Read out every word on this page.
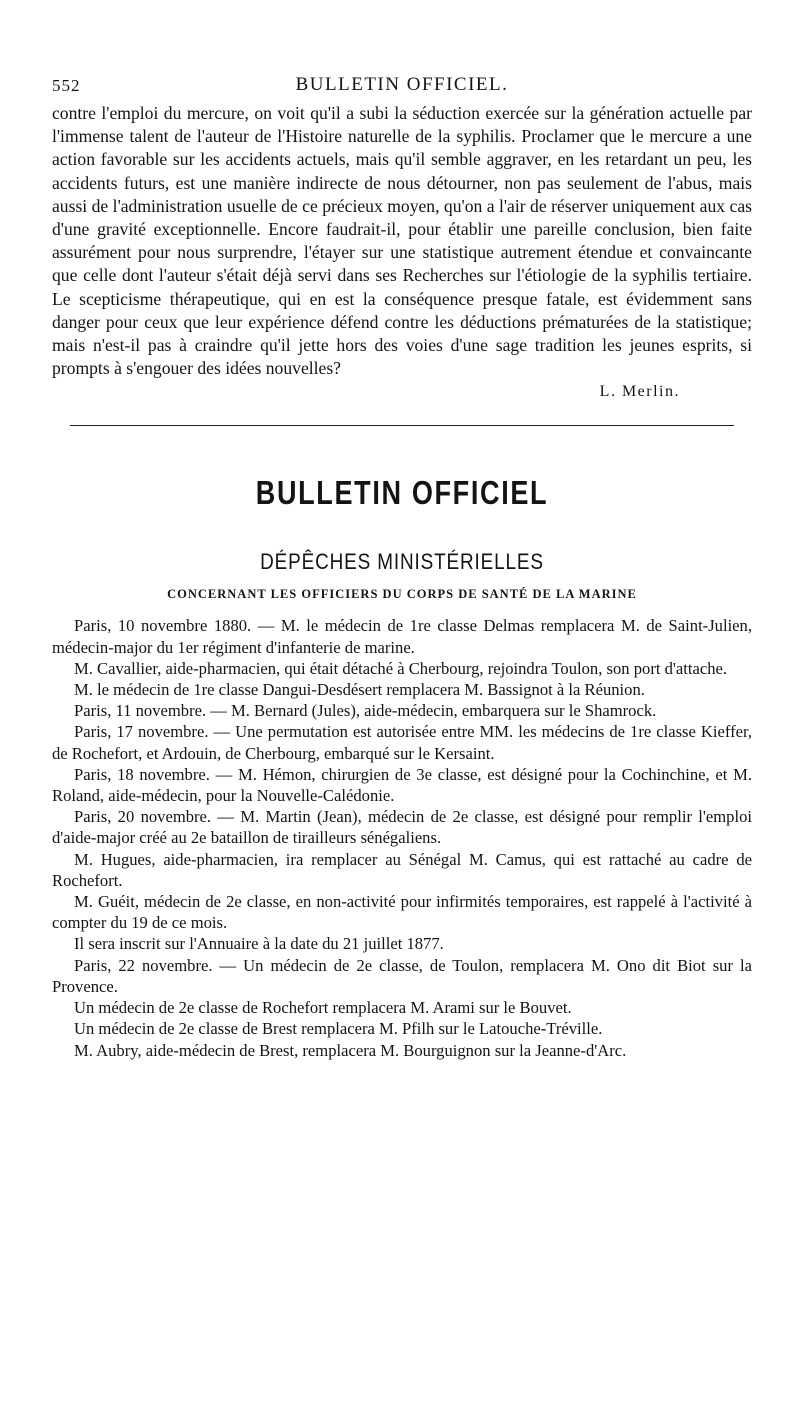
552	BULLETIN OFFICIEL.

contre l'emploi du mercure, on voit qu'il a subi la séduction exercée sur la génération actuelle par l'immense talent de l'auteur de l'Histoire naturelle de la syphilis. Proclamer que le mercure a une action favorable sur les accidents actuels, mais qu'il semble aggraver, en les retardant un peu, les accidents futurs, est une manière indirecte de nous détourner, non pas seulement de l'abus, mais aussi de l'administration usuelle de ce précieux moyen, qu'on a l'air de réserver uniquement aux cas d'une gravité exceptionnelle. Encore faudrait-il, pour établir une pareille conclusion, bien faite assurément pour nous surprendre, l'étayer sur une statistique autrement étendue et convaincante que celle dont l'auteur s'était déjà servi dans ses Recherches sur l'étiologie de la syphilis tertiaire. Le scepticisme thérapeutique, qui en est la conséquence presque fatale, est évidemment sans danger pour ceux que leur expérience défend contre les déductions prématurées de la statistique; mais n'est-il pas à craindre qu'il jette hors des voies d'une sage tradition les jeunes esprits, si prompts à s'engouer des idées nouvelles?

L. Merlin.
BULLETIN OFFICIEL
DÉPÊCHES MINISTÉRIELLES
CONCERNANT LES OFFICIERS DU CORPS DE SANTÉ DE LA MARINE

Paris, 10 novembre 1880. — M. le médecin de 1re classe Delmas remplacera M. de Saint-Julien, médecin-major du 1er régiment d'infanterie de marine.

M. Cavallier, aide-pharmacien, qui était détaché à Cherbourg, rejoindra Toulon, son port d'attache.

M. le médecin de 1re classe Dangui-Desdésert remplacera M. Bassignot à la Réunion.

Paris, 11 novembre. — M. Bernard (Jules), aide-médecin, embarquera sur le Shamrock.

Paris, 17 novembre. — Une permutation est autorisée entre MM. les médecins de 1re classe Kieffer, de Rochefort, et Ardouin, de Cherbourg, embarqué sur le Kersaint.

Paris, 18 novembre. — M. Hémon, chirurgien de 3e classe, est désigné pour la Cochinchine, et M. Roland, aide-médecin, pour la Nouvelle-Calédonie.

Paris, 20 novembre. — M. Martin (Jean), médecin de 2e classe, est désigné pour remplir l'emploi d'aide-major créé au 2e bataillon de tirailleurs sénégaliens.

M. Hugues, aide-pharmacien, ira remplacer au Sénégal M. Camus, qui est rattaché au cadre de Rochefort.

M. Guéit, médecin de 2e classe, en non-activité pour infirmités temporaires, est rappelé à l'activité à compter du 19 de ce mois.

Il sera inscrit sur l'Annuaire à la date du 21 juillet 1877.

Paris, 22 novembre. — Un médecin de 2e classe, de Toulon, remplacera M. Ono dit Biot sur la Provence.

Un médecin de 2e classe de Rochefort remplacera M. Arami sur le Bouvet.

Un médecin de 2e classe de Brest remplacera M. Pfilh sur le Latouche-Tréville.

M. Aubry, aide-médecin de Brest, remplacera M. Bourguignon sur la Jeanne-d'Arc.
